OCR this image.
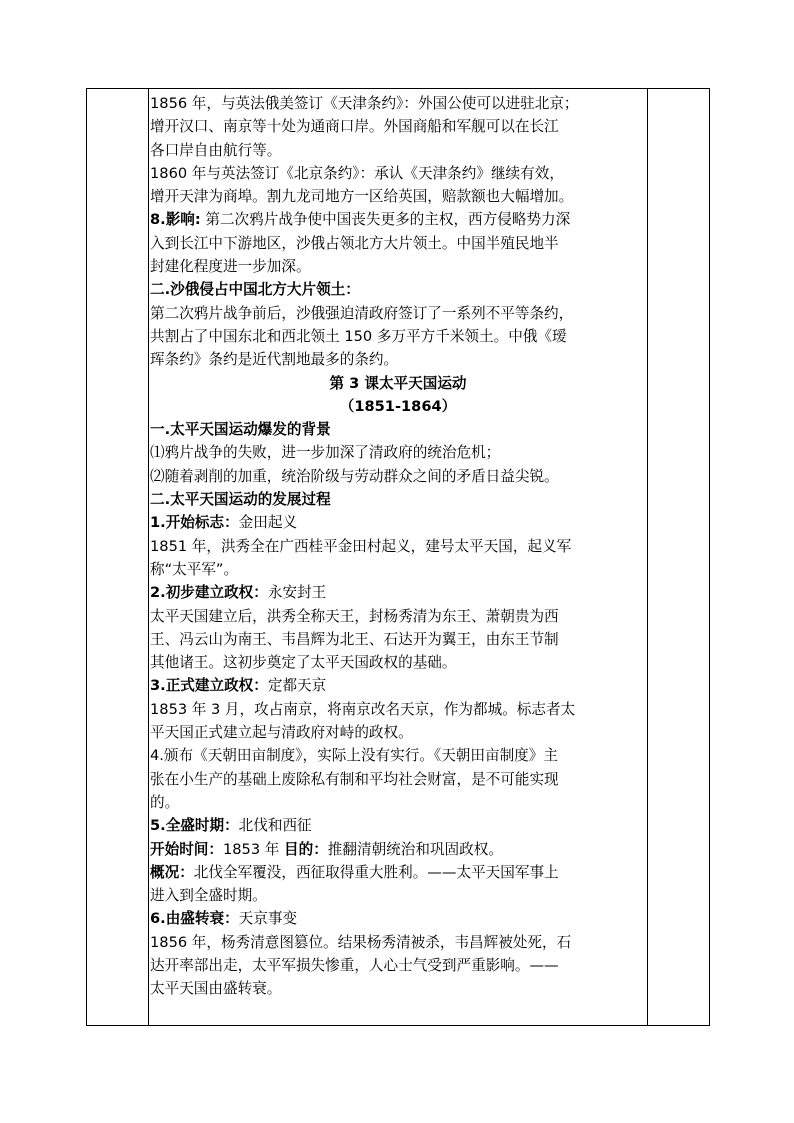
1856 年，与英法俄美签订《天津条约》：外国公使可以进驻北京；
增开汉口、南京等十处为通商口岸。外国商船和军舰可以在长江
各口岸自由航行等。
1860 年与英法签订《北京条约》：承认《天津条约》继续有效，
增开天津为商埠。割九龙司地方一区给英国，赔款额也大幅增加。
8.影响: 第二次鸦片战争使中国丧失更多的主权，西方侵略势力深
入到长江中下游地区，沙俄占领北方大片领土。中国半殖民地半
封建化程度进一步加深。
二.沙俄侵占中国北方大片领土：
第二次鸦片战争前后，沙俄强迫清政府签订了一系列不平等条约，
共割占了中国东北和西北领土 150 多万平方千米领土。中俄《瑷
珲条约》条约是近代割地最多的条约。
第 3 课太平天国运动
（1851-1864）
一.太平天国运动爆发的背景
⑴鸦片战争的失败，进一步加深了清政府的统治危机；
⑵随着剥削的加重，统治阶级与劳动群众之间的矛盾日益尖锐。
二.太平天国运动的发展过程
1.开始标志：金田起义
1851 年，洪秀全在广西桂平金田村起义，建号太平天国，起义军
称“太平军”。
2.初步建立政权：永安封王
太平天国建立后，洪秀全称天王，封杨秀清为东王、萧朝贵为西
王、冯云山为南王、韦昌辉为北王、石达开为翼王，由东王节制
其他诸王。这初步奠定了太平天国政权的基础。
3.正式建立政权：定都天京
1853 年 3 月，攻占南京，将南京改名天京，作为都城。标志者太
平天国正式建立起与清政府对峙的政权。
4.颁布《天朝田亩制度》，实际上没有实行。《天朝田亩制度》主
张在小生产的基础上废除私有制和平均社会财富，是不可能实现
的。
5.全盛时期：北伐和西征
开始时间：1853 年 目的：推翻清朝统治和巩固政权。
概况：北伐全军覆没，西征取得重大胜利。——太平天国军事上
进入到全盛时期。
6.由盛转衰：天京事变
1856 年，杨秀清意图篡位。结果杨秀清被杀，韦昌辉被处死，石
达开率部出走，太平军损失惨重，人心士气受到严重影响。——
太平天国由盛转衰。
